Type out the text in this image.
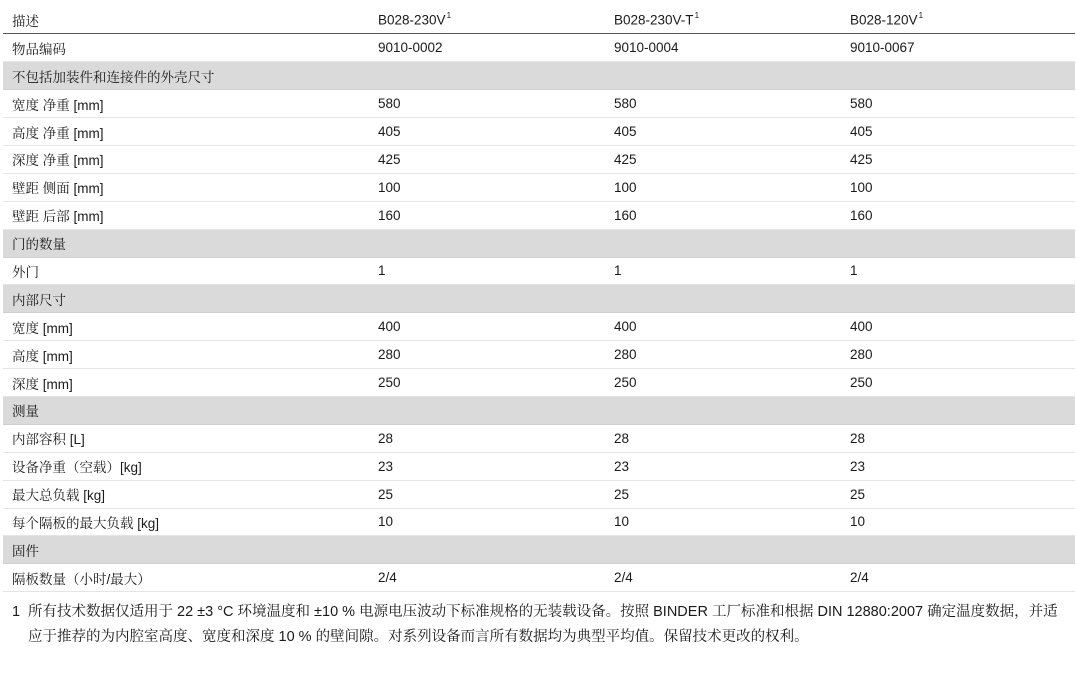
描述	$B028-230V^1$	$B028-230V-T^1$	$B028-120V^1$
物品编码	9010-0002	9010-0004	9010-0067
不包括加装件和连接件的外壳尺寸			
宽度 净重 [mm]	580	580	580
高度 净重 [mm]	405	405	405
深度 净重 [mm]	425	425	425
壁距 侧面 [mm]	100	100	100
壁距 后部 [mm]	160	160	160
门的数量			
外门	1	1	1
内部尺寸			
宽度 [mm]	400	400	400
高度 [mm]	280	280	280
深度 [mm]	250	250	250
测量			
内部容积 [L]	28	28	28
设备净重（空载）[kg]	23	23	23
最大总负载 [kg]	25	25	25
每个隔板的最大负载 [kg]	10	10	10
固件			
隔板数量（小时/最大）	2/4	2/4	2/4
1 所有技术数据仅适用于 22 ±3 °C 环境温度和 ±10 % 电源电压波动下标准规格的无装载设备。按照 BINDER 工厂标准和根据 DIN 12880:2007 确定温度数据，并适应于推荐的为内腔室高度、宽度和深度 10 % 的壁间隙。对系列设备而言所有数据均为典型平均值。保留技术更改的权利。
